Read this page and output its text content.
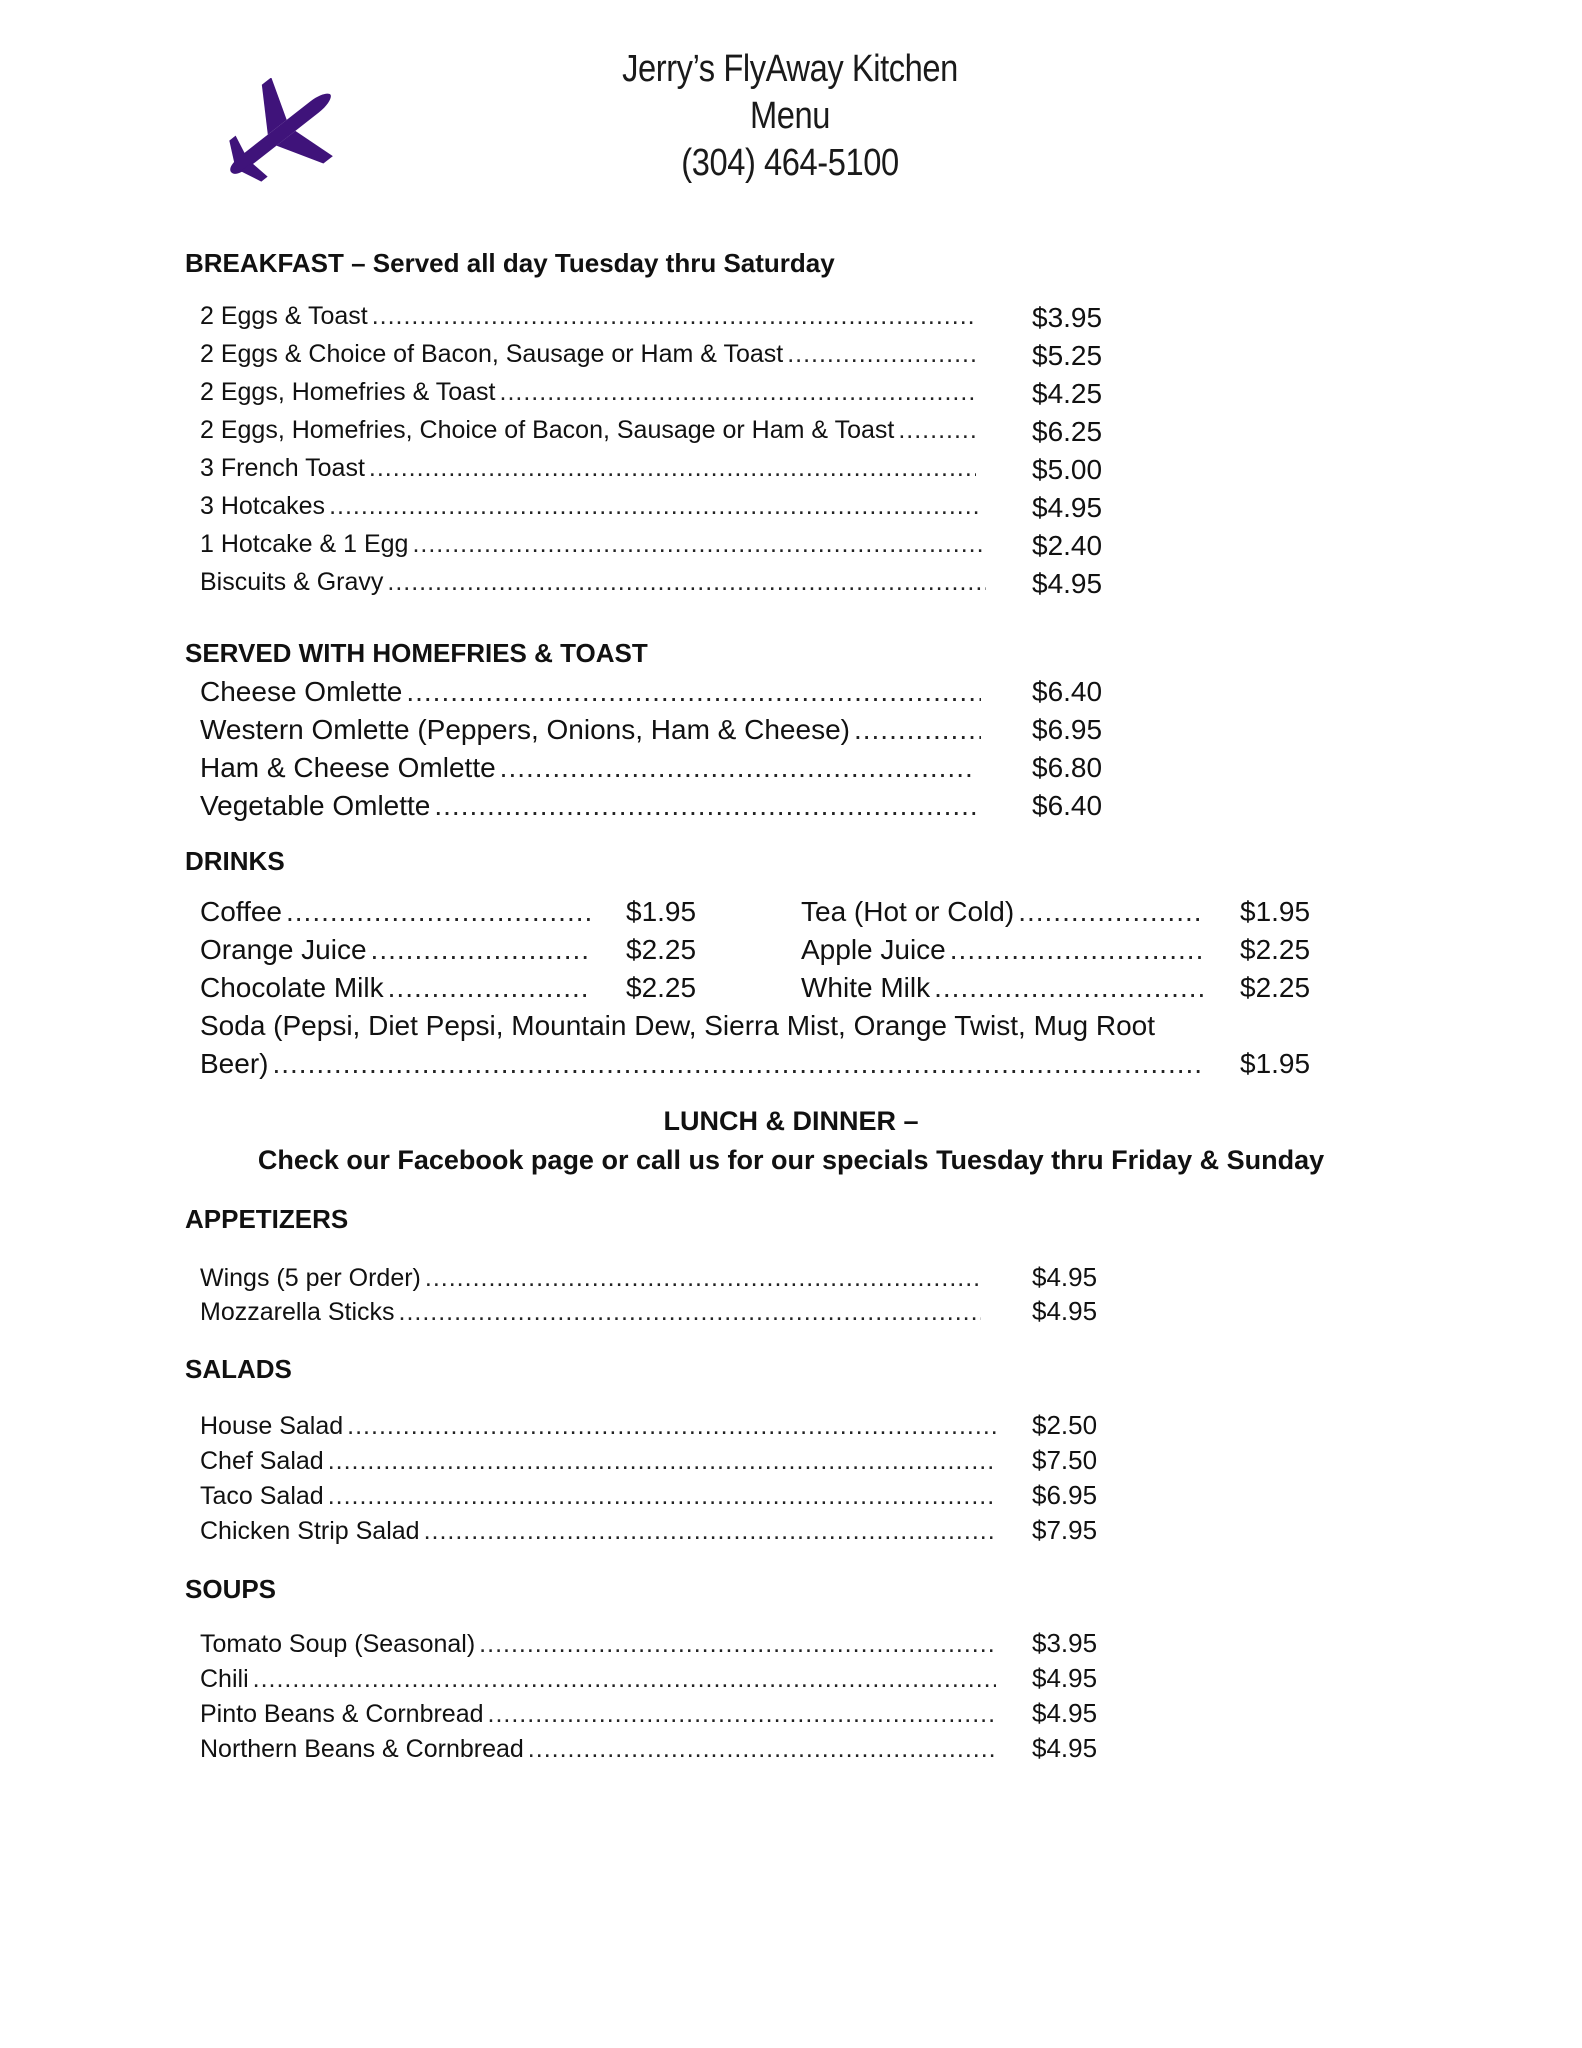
Jerry’s FlyAway Kitchen
Menu
(304) 464-5100
BREAKFAST – Served all day Tuesday thru Saturday
2 Eggs & Toast .....	$3.95
2 Eggs & Choice of Bacon, Sausage or Ham & Toast .....	$5.25
2 Eggs, Homefries & Toast .....	$4.25
2 Eggs, Homefries, Choice of Bacon, Sausage or Ham & Toast .....	$6.25
3 French Toast .....	$5.00
3 Hotcakes .....	$4.95
1 Hotcake & 1 Egg .....	$2.40
Biscuits & Gravy .....	$4.95
SERVED WITH HOMEFRIES & TOAST
Cheese Omlette .....	$6.40
Western Omlette (Peppers, Onions, Ham & Cheese) .....	$6.95
Ham & Cheese Omlette .....	$6.80
Vegetable Omlette .....	$6.40
DRINKS
Coffee .....	$1.95
Orange Juice .....	$2.25
Chocolate Milk .....	$2.25
Tea (Hot or Cold) .....	$1.95
Apple Juice .....	$2.25
White Milk .....	$2.25
Soda (Pepsi, Diet Pepsi, Mountain Dew, Sierra Mist, Orange Twist, Mug Root
Beer) .....	$1.95
LUNCH & DINNER –
Check our Facebook page or call us for our specials Tuesday thru Friday & Sunday
APPETIZERS
Wings (5 per Order) .....	$4.95
Mozzarella Sticks .....	$4.95
SALADS
House Salad .....	$2.50
Chef Salad .....	$7.50
Taco Salad .....	$6.95
Chicken Strip Salad .....	$7.95
SOUPS
Tomato Soup (Seasonal) .....	$3.95
Chili .....	$4.95
Pinto Beans & Cornbread .....	$4.95
Northern Beans & Cornbread .....	$4.95
